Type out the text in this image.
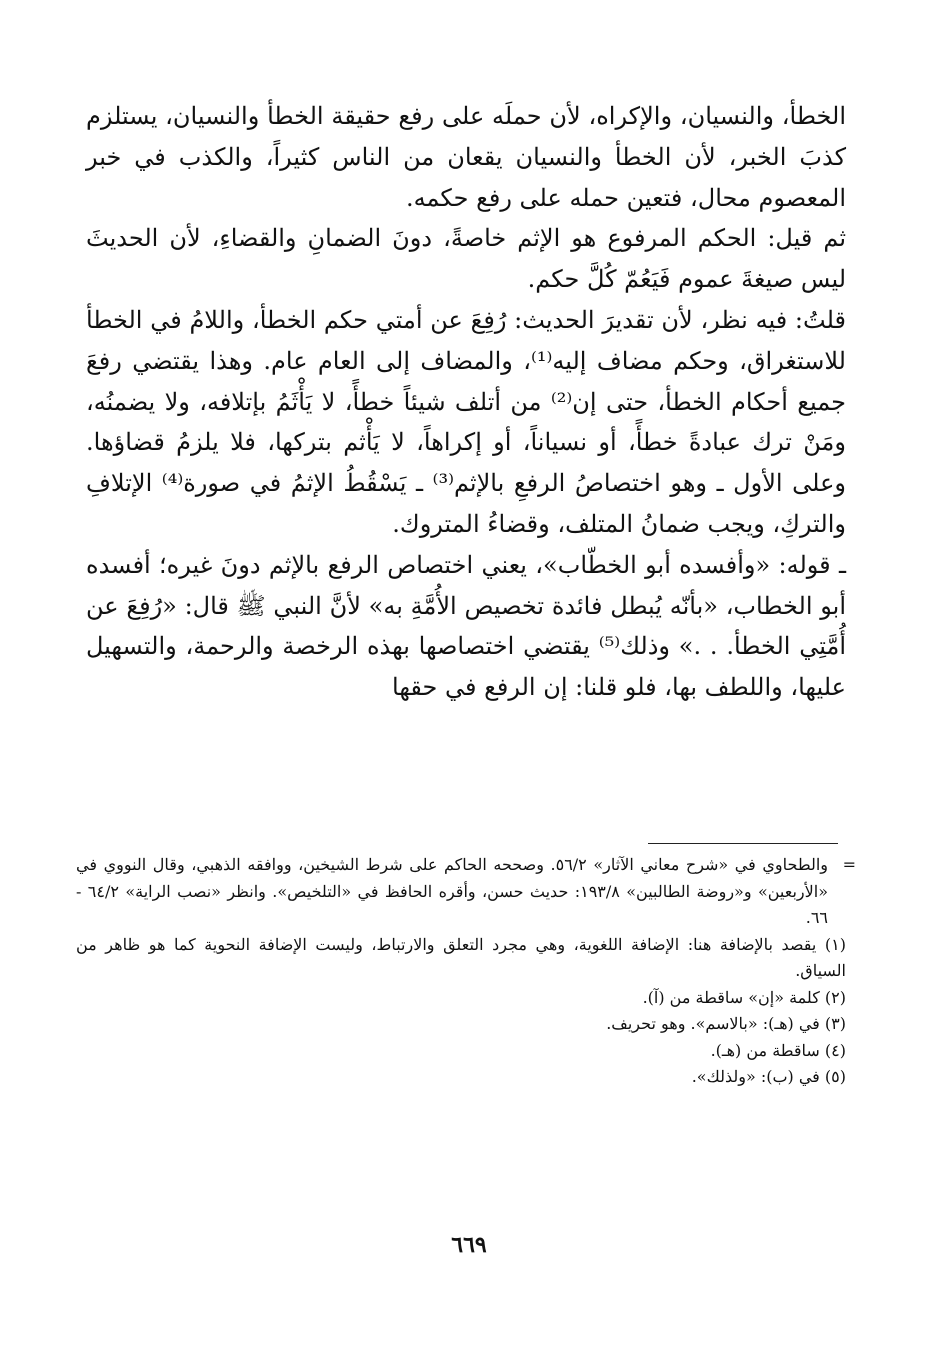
الخطأ، والنسيان، والإكراه، لأن حملَه على رفع حقيقة الخطأ والنسيان، يستلزم كذبَ الخبر، لأن الخطأ والنسيان يقعان من الناس كثيراً، والكذب في خبر المعصوم محال، فتعين حمله على رفع حكمه.

ثم قيل: الحكم المرفوع هو الإثم خاصةً، دونَ الضمانِ والقضاءِ، لأن الحديثَ ليس صيغةَ عموم فَيَعُمّ كُلَّ حكم.

قلتُ: فيه نظر، لأن تقديرَ الحديث: رُفِعَ عن أمتي حكم الخطأ، واللامُ في الخطأ للاستغراق، وحكم مضاف إليه⁽¹⁾، والمضاف إلى العام عام. وهذا يقتضي رفعَ جميع أحكام الخطأ، حتى إن⁽²⁾ من أتلف شيئاً خطأً، لا يَأْثَمُ بإتلافه، ولا يضمنُه، ومَنْ ترك عبادةً خطأً، أو نسياناً، أو إكراهاً، لا يَأْثم بتركها، فلا يلزمُ قضاؤها. وعلى الأول ـ وهو اختصاصُ الرفعِ بالإثم⁽³⁾ ـ يَسْقُطُ الإثمُ في صورة⁽⁴⁾ الإتلافِ والتركِ، ويجب ضمانُ المتلف، وقضاءُ المتروك.

ـ قوله: «وأفسده أبو الخطّاب»، يعني اختصاص الرفع بالإثم دونَ غيره؛ أفسده أبو الخطاب، «بأنّه يُبطل فائدة تخصيص الأُمَّةِ به» لأنَّ النبي ﷺ قال: «رُفِعَ عن أُمَّتِي الخطأ. . .» وذلك⁽⁵⁾ يقتضي اختصاصها بهذه الرخصة والرحمة، والتسهيل عليها، واللطف بها، فلو قلنا: إن الرفع في حقها

=
والطحاوي في «شرح معاني الآثار» ٥٦/٢. وصححه الحاكم على شرط الشيخين، ووافقه الذهبي، وقال النووي في «الأربعين» و«روضة الطالبين» ١٩٣/٨: حديث حسن، وأقره الحافظ في «التلخيص». وانظر «نصب الراية» ٦٤/٢ - ٦٦.

(١) يقصد بالإضافة هنا: الإضافة اللغوية، وهي مجرد التعلق والارتباط، وليست الإضافة النحوية كما هو ظاهر من السياق.

(٢) كلمة «إن» ساقطة من (آ).

(٣) في (هـ): «بالاسم». وهو تحريف.

(٤) ساقطة من (هـ).

(٥) في (ب): «ولذلك».

٦٦٩
